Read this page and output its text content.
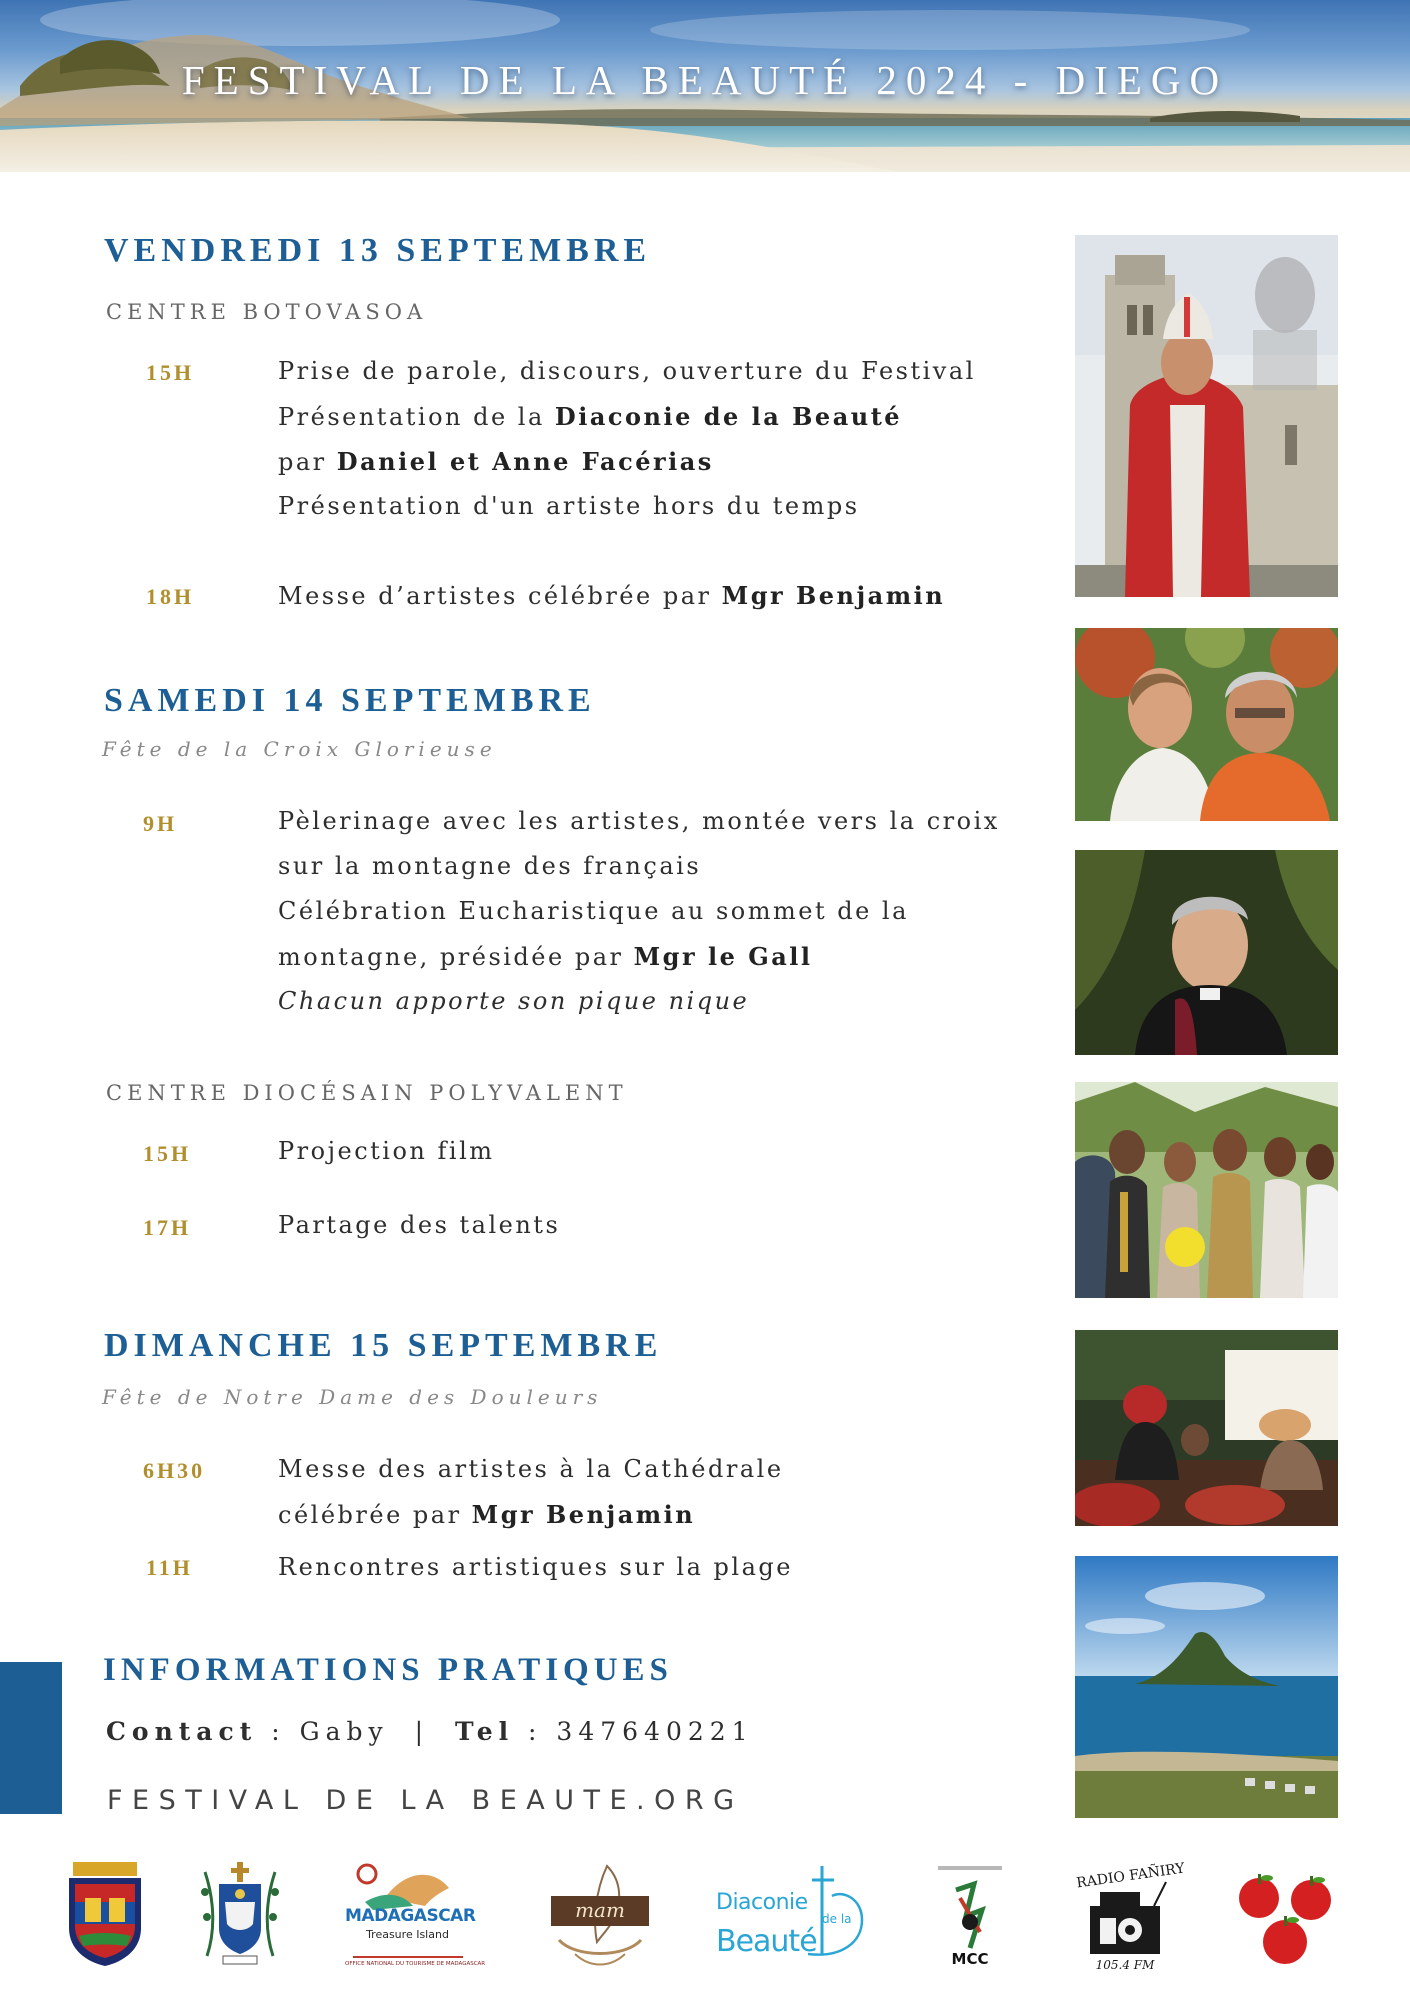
FESTIVAL DE LA BEAUTÉ 2024 - DIEGO
VENDREDI 13 SEPTEMBRE
CENTRE BOTOVASOA
15H	Prise de parole, discours, ouverture du Festival
Présentation de la Diaconie de la Beauté
par Daniel et Anne Facérias
Présentation d'un artiste hors du temps
18H	Messe d’artistes célébrée par Mgr Benjamin
SAMEDI 14 SEPTEMBRE
Fête de la Croix Glorieuse
9H	Pèlerinage avec les artistes, montée vers la croix
sur la montagne des français
Célébration Eucharistique au sommet de la
montagne, présidée par Mgr le Gall
Chacun apporte son pique nique
CENTRE DIOCÉSAIN POLYVALENT
15H	Projection film
17H	Partage des talents
DIMANCHE 15 SEPTEMBRE
Fête de Notre Dame des Douleurs
6H30	Messe des artistes à la Cathédrale
célébrée par Mgr Benjamin
11H	Rencontres artistiques sur la plage
INFORMATIONS PRATIQUES
Contact : Gaby | Tel : 347640221
FESTIVAL DE LA BEAUTE.ORG
MADAGASCAR
Treasure Island
OFFICE NATIONAL DU TOURISME DE MADAGASCAR
mam	Diaconie
de la
Beauté	MCC
RADIO FAÑIRY
105.4 FM
